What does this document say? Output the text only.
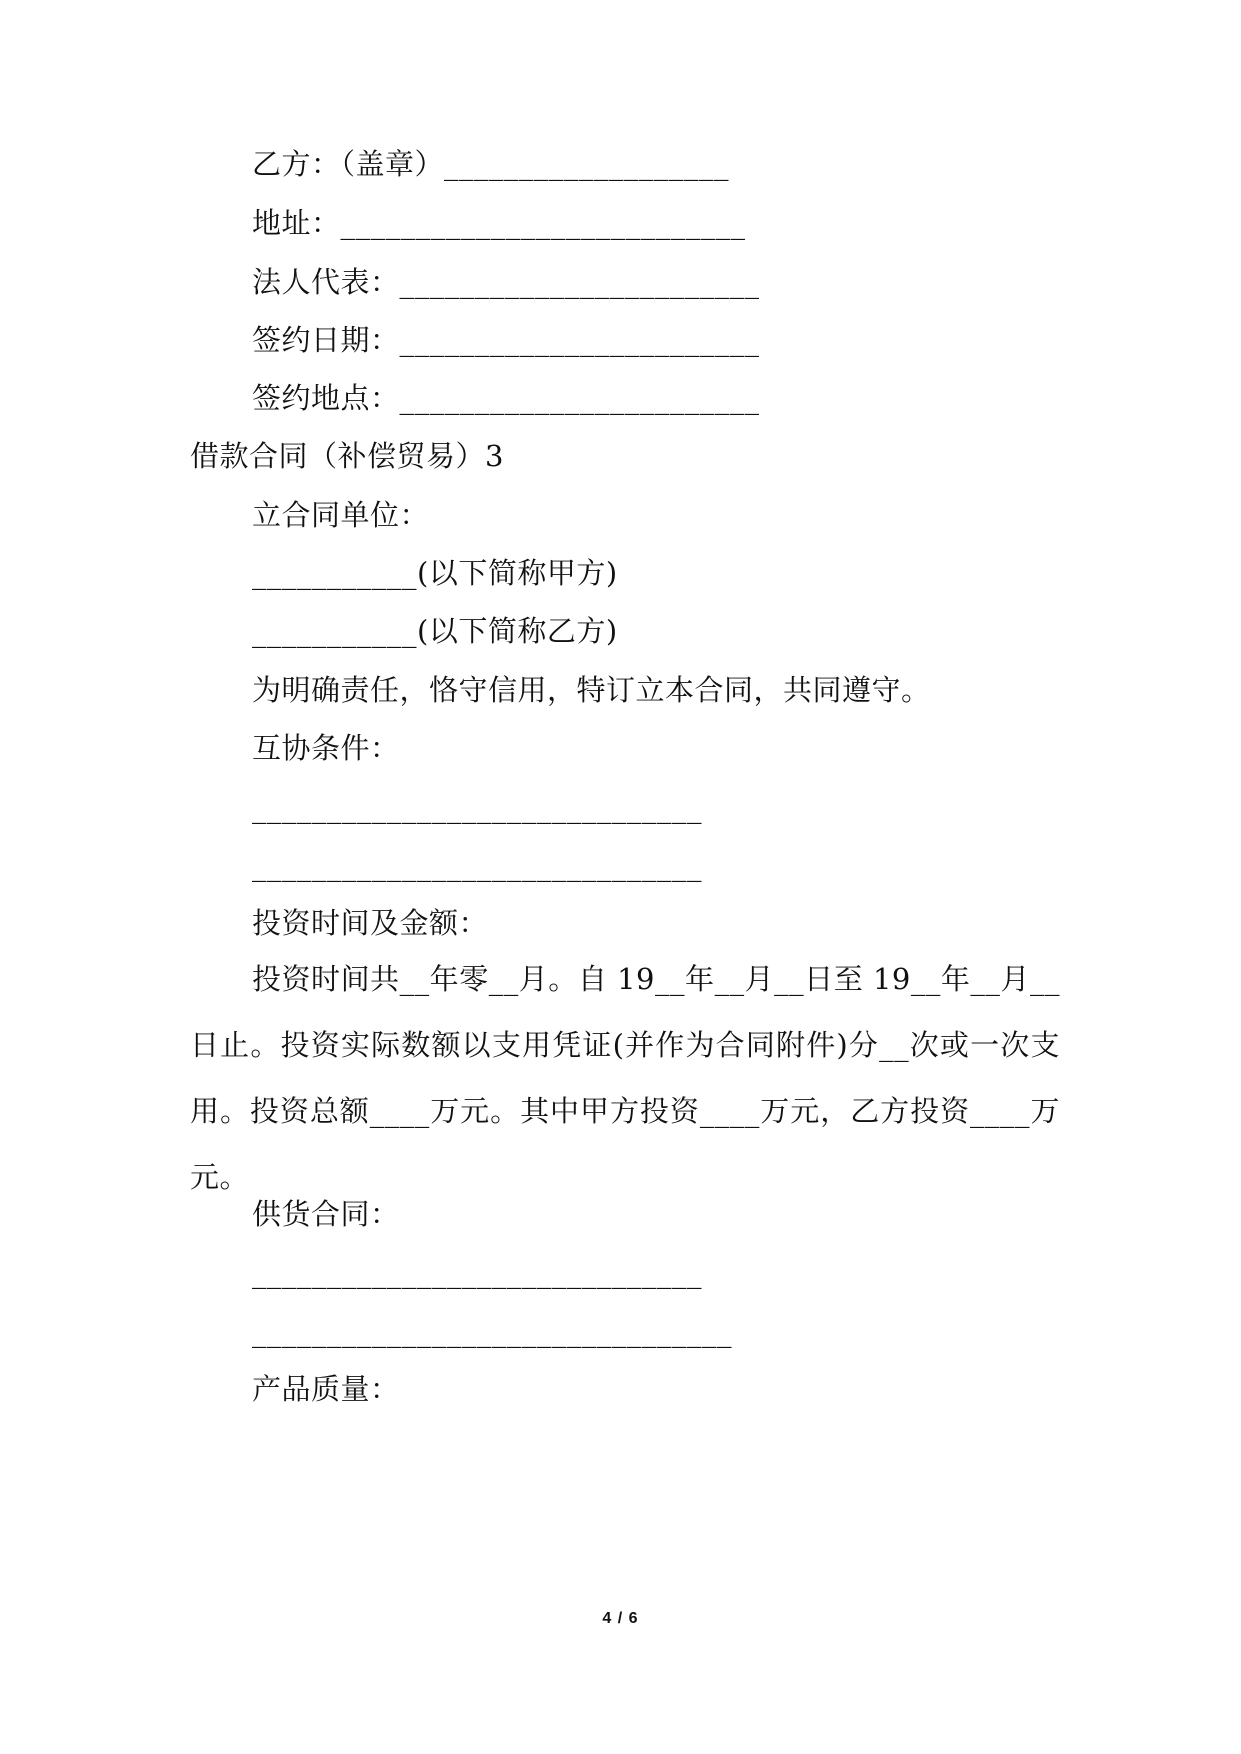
乙方：（盖章）___________________
地址：___________________________
法人代表：________________________
签约日期：________________________
签约地点：________________________
借款合同（补偿贸易）3
立合同单位：
___________(以下简称甲方)
___________(以下简称乙方)
为明确责任，恪守信用，特订立本合同，共同遵守。
互协条件：
______________________________
______________________________
投资时间及金额：
投资时间共__年零__月。自 19__年__月__日至 19__年__月__日止。投资实际数额以支用凭证(并作为合同附件)分__次或一次支用。投资总额____万元。其中甲方投资____万元，乙方投资____万元。
供货合同：
______________________________
________________________________
产品质量：
4 / 6
